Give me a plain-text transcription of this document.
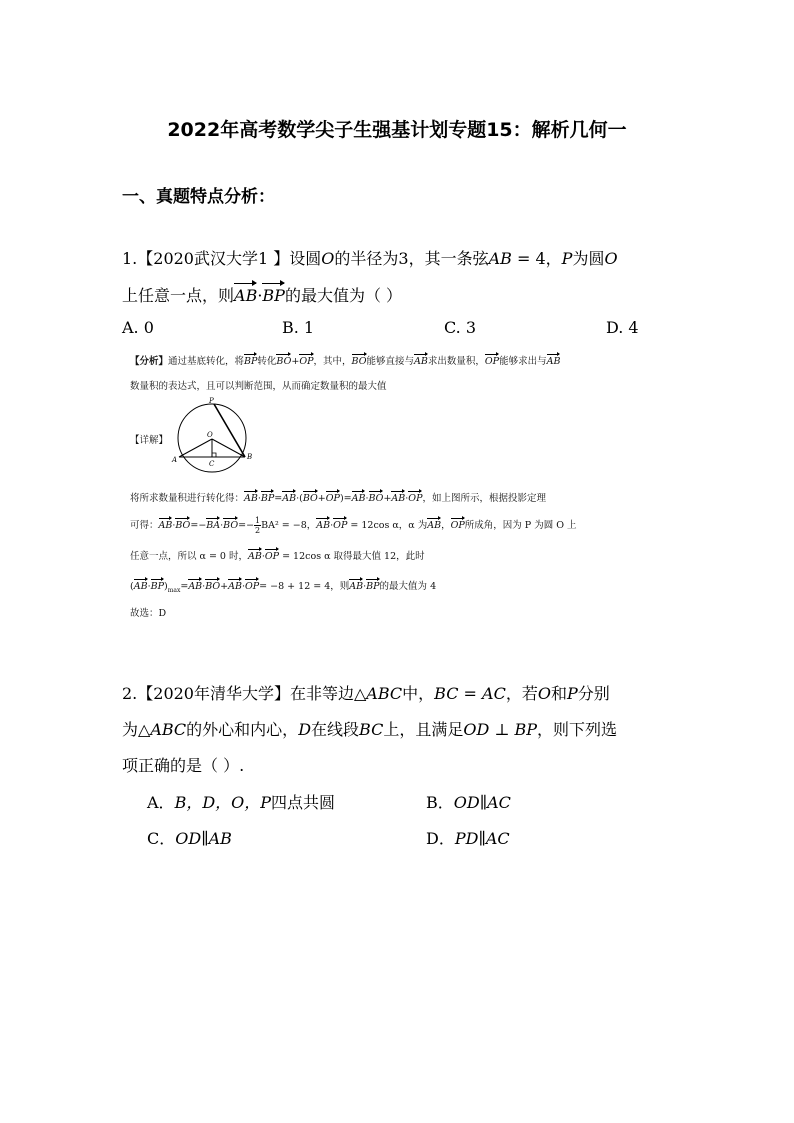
2022年高考数学尖子生强基计划专题15：解析几何一
一、真题特点分析：
1.【2020武汉大学1 】设圆O的半径为3，其一条弦AB = 4，P为圆O
上任意一点，则AB·BP的最大值为（ ）
A. 0	B. 1	C. 3	D. 4
【分析】通过基底转化，将BP转化BO+OP，其中，BO能够直接与AB求出数量积，OP能够求出与AB
数量积的表达式，且可以判断范围，从而确定数量积的最大值
【详解】
P
O
A	B
C
将所求数量积进行转化得：AB·BP=AB·(BO+OP)=AB·BO+AB·OP，如上图所示，根据投影定理
可得：$AB\cdot BO=-BA\cdot BO=- \frac{1}{2} BA^2 = -8$，AB·OP = 12cos α，α 为AB，OP所成角，因为 P 为圆 O 上
任意一点，所以 α = 0 时，AB·OP = 12cos α 取得最大值 12，此时
$(AB\cdot BP)_{max}=AB\cdot BO+AB\cdot OP= -8 + 12 = 4$，则AB·BP的最大值为 4
故选：D
2.【2020年清华大学】在非等边△ABC中，BC = AC，若O和P分别
为△ABC的外心和内心，D在线段BC上，且满足OD ⊥ BP，则下列选
项正确的是（ ）.
A．B，D，O，P四点共圆	B．OD∥AC
C．OD∥AB	D．PD∥AC
